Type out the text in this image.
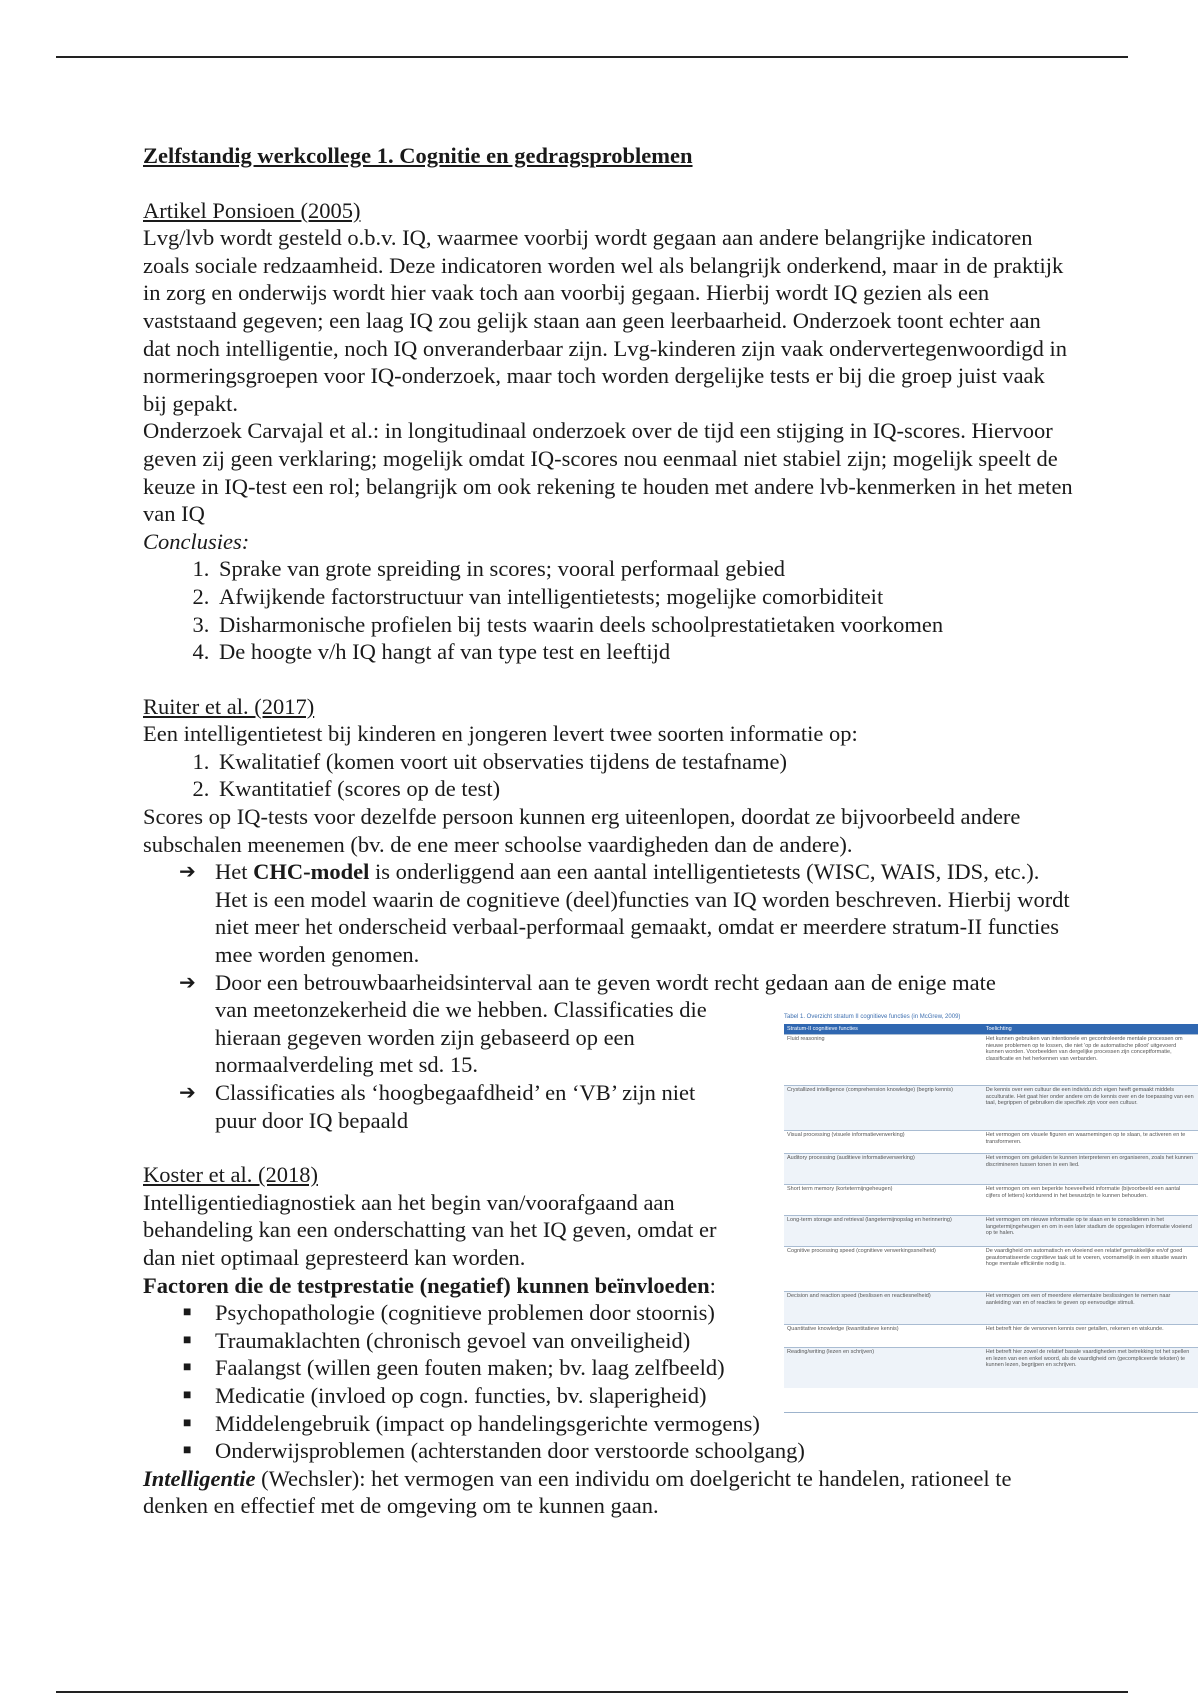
Zelfstandig werkcollege 1. Cognitie en gedragsproblemen

Artikel Ponsioen (2005)

Lvg/lvb wordt gesteld o.b.v. IQ, waarmee voorbij wordt gegaan aan andere belangrijke indicatoren zoals sociale redzaamheid. Deze indicatoren worden wel als belangrijk onderkend, maar in de praktijk in zorg en onderwijs wordt hier vaak toch aan voorbij gegaan. Hierbij wordt IQ gezien als een vaststaand gegeven; een laag IQ zou gelijk staan aan geen leerbaarheid. Onderzoek toont echter aan dat noch intelligentie, noch IQ onveranderbaar zijn. Lvg-kinderen zijn vaak ondervertegenwoordigd in normeringsgroepen voor IQ-onderzoek, maar toch worden dergelijke tests er bij die groep juist vaak bij gepakt.

Onderzoek Carvajal et al.: in longitudinaal onderzoek over de tijd een stijging in IQ-scores. Hiervoor geven zij geen verklaring; mogelijk omdat IQ-scores nou eenmaal niet stabiel zijn; mogelijk speelt de keuze in IQ-test een rol; belangrijk om ook rekening te houden met andere lvb-kenmerken in het meten van IQ

Conclusies:

1. Sprake van grote spreiding in scores; vooral performaal gebied
2. Afwijkende factorstructuur van intelligentietests; mogelijke comorbiditeit
3. Disharmonische profielen bij tests waarin deels schoolprestatietaken voorkomen
4. De hoogte v/h IQ hangt af van type test en leeftijd

Ruiter et al. (2017)

Een intelligentietest bij kinderen en jongeren levert twee soorten informatie op:

1. Kwalitatief (komen voort uit observaties tijdens de testafname)
2. Kwantitatief (scores op de test)

Scores op IQ-tests voor dezelfde persoon kunnen erg uiteenlopen, doordat ze bijvoorbeeld andere subschalen meenemen (bv. de ene meer schoolse vaardigheden dan de andere).

➔ Het CHC-model is onderliggend aan een aantal intelligentietests (WISC, WAIS, IDS, etc.). Het is een model waarin de cognitieve (deel)functies van IQ worden beschreven. Hierbij wordt niet meer het onderscheid verbaal-performaal gemaakt, omdat er meerdere stratum-II functies mee worden genomen.
➔ Door een betrouwbaarheidsinterval aan te geven wordt recht gedaan aan de enige mate
van meetonzekerheid die we hebben. Classificaties die hieraan gegeven worden zijn gebaseerd op een normaalverdeling met sd. 15.
➔ Classificaties als ‘hoogbegaafdheid’ en ‘VB’ zijn niet puur door IQ bepaald

Koster et al. (2018)

Intelligentiediagnostiek aan het begin van/voorafgaand aan behandeling kan een onderschatting van het IQ geven, omdat er dan niet optimaal gepresteerd kan worden.

Factoren die de testprestatie (negatief) kunnen beïnvloeden:

■ Psychopathologie (cognitieve problemen door stoornis)
■ Traumaklachten (chronisch gevoel van onveiligheid)
■ Faalangst (willen geen fouten maken; bv. laag zelfbeeld)
■ Medicatie (invloed op cogn. functies, bv. slaperigheid)
■ Middelengebruik (impact op handelingsgerichte vermogens)
■ Onderwijsproblemen (achterstanden door verstoorde schoolgang)

Intelligentie (Wechsler): het vermogen van een individu om doelgericht te handelen, rationeel te denken en effectief met de omgeving om te kunnen gaan.

Tabel 1. Overzicht stratum II cognitieve functies (in McGrew, 2009)
Stratum-II cognitieve functies	Toelichting
Fluid reasoning	Het kunnen gebruiken van intentionele en gecontroleerde mentale processen om nieuwe problemen op te lossen, die niet 'op de automatische piloot' uitgevoerd kunnen worden. Voorbeelden van dergelijke processen zijn conceptformatie, classificatie en het herkennen van verbanden.
Crystallized intelligence (comprehension knowledge) (begrip kennis)	De kennis over een cultuur die een individu zich eigen heeft gemaakt middels acculturatie. Het gaat hier onder andere om de kennis over en de toepassing van een taal, begrippen of gebruiken die specifiek zijn voor een cultuur.
Visual processing (visuele informatieverwerking)	Het vermogen om visuele figuren en waarnemingen op te slaan, te activeren en te transformeren.
Auditory processing (auditieve informatieverwerking)	Het vermogen om geluiden te kunnen interpreteren en organiseren, zoals het kunnen discrimineren tussen tonen in een lied.
Short term memory (kortetermijngeheugen)	Het vermogen om een beperkte hoeveelheid informatie (bijvoorbeeld een aantal cijfers of letters) kortdurend in het bewustzijn te kunnen behouden.
Long-term storage and retrieval (langetermijnopslag en herinnering)	Het vermogen om nieuwe informatie op te slaan en te consolideren in het langetermijngeheugen en om in een later stadium de opgeslagen informatie vloeiend op te halen.
Cognitive processing speed (cognitieve verwerkingssnelheid)	De vaardigheid om automatisch en vloeiend een relatief gemakkelijke en/of goed geautomatiseerde cognitieve taak uit te voeren, voornamelijk in een situatie waarin hoge mentale efficiëntie nodig is.
Decision and reaction speed (beslissen en reactiesnelheid)	Het vermogen om een of meerdere elementaire beslissingen te nemen naar aanleiding van en of reacties te geven op eenvoudige stimuli.
Quantitative knowledge (kwantitatieve kennis)	Het betreft hier de verworven kennis over getallen, rekenen en wiskunde.
Reading/writing (lezen en schrijven)	Het betreft hier zowel de relatief basale vaardigheden met betrekking tot het spellen en lezen van een enkel woord, als de vaardigheid om (gecompliceerde teksten) te kunnen lezen, begrijpen en schrijven.
